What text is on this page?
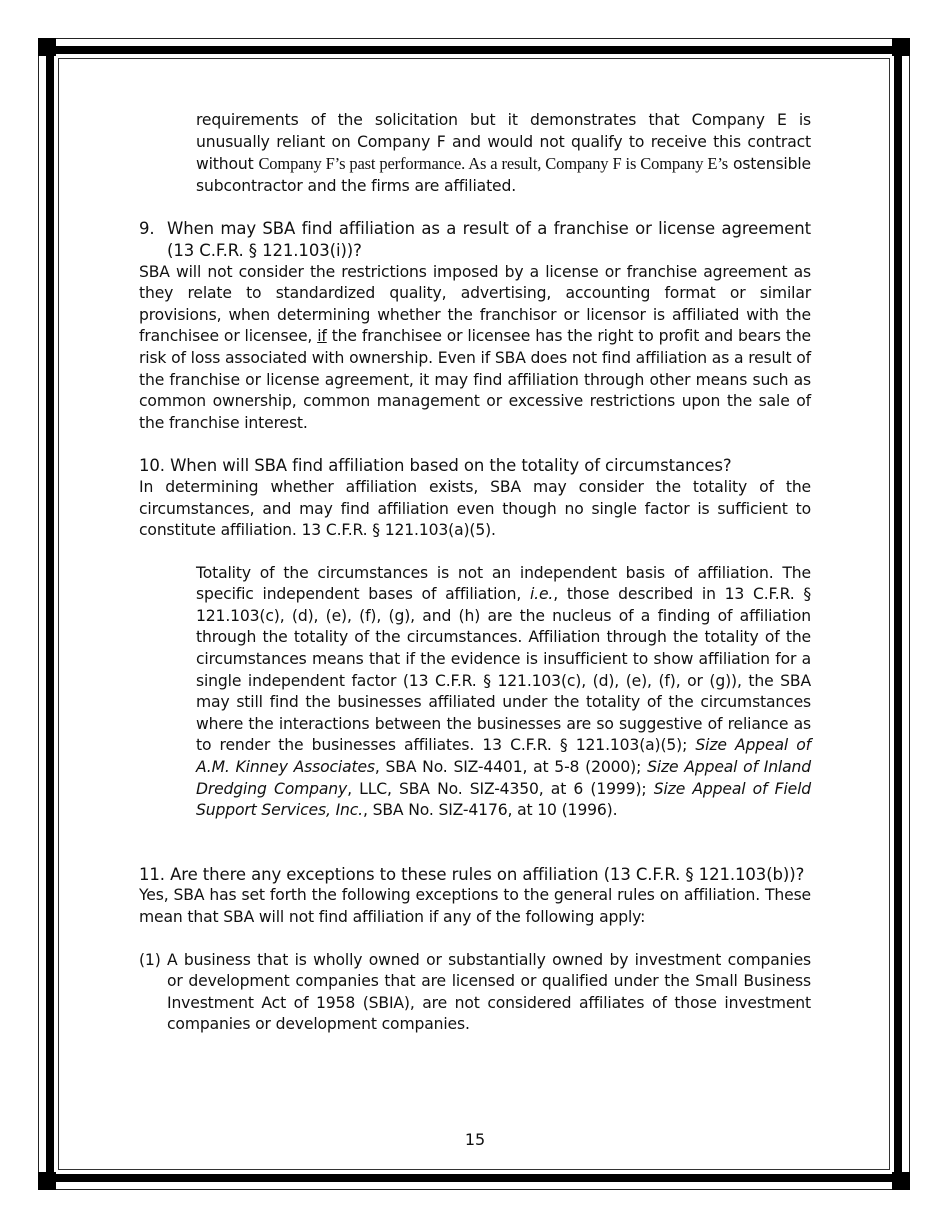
requirements of the solicitation but it demonstrates that Company E is unusually reliant on Company F and would not qualify to receive this contract without Company F’s past performance. As a result, Company F is Company E’s ostensible subcontractor and the firms are affiliated.

9. When may SBA find affiliation as a result of a franchise or license agreement (13 C.F.R. § 121.103(i))?

SBA will not consider the restrictions imposed by a license or franchise agreement as they relate to standardized quality, advertising, accounting format or similar provisions, when determining whether the franchisor or licensor is affiliated with the franchisee or licensee, if the franchisee or licensee has the right to profit and bears the risk of loss associated with ownership. Even if SBA does not find affiliation as a result of the franchise or license agreement, it may find affiliation through other means such as common ownership, common management or excessive restrictions upon the sale of the franchise interest.

10. When will SBA find affiliation based on the totality of circumstances?

In determining whether affiliation exists, SBA may consider the totality of the circumstances, and may find affiliation even though no single factor is sufficient to constitute affiliation. 13 C.F.R. § 121.103(a)(5).

Totality of the circumstances is not an independent basis of affiliation. The specific independent bases of affiliation, i.e., those described in 13 C.F.R. § 121.103(c), (d), (e), (f), (g), and (h) are the nucleus of a finding of affiliation through the totality of the circumstances. Affiliation through the totality of the circumstances means that if the evidence is insufficient to show affiliation for a single independent factor (13 C.F.R. § 121.103(c), (d), (e), (f), or (g)), the SBA may still find the businesses affiliated under the totality of the circumstances where the interactions between the businesses are so suggestive of reliance as to render the businesses affiliates. 13 C.F.R. § 121.103(a)(5); Size Appeal of A.M. Kinney Associates, SBA No. SIZ-4401, at 5-8 (2000); Size Appeal of Inland Dredging Company, LLC, SBA No. SIZ-4350, at 6 (1999); Size Appeal of Field Support Services, Inc., SBA No. SIZ-4176, at 10 (1996).

11. Are there any exceptions to these rules on affiliation (13 C.F.R. § 121.103(b))?

Yes, SBA has set forth the following exceptions to the general rules on affiliation. These mean that SBA will not find affiliation if any of the following apply:

(1) A business that is wholly owned or substantially owned by investment companies or development companies that are licensed or qualified under the Small Business Investment Act of 1958 (SBIA), are not considered affiliates of those investment companies or development companies.
15
